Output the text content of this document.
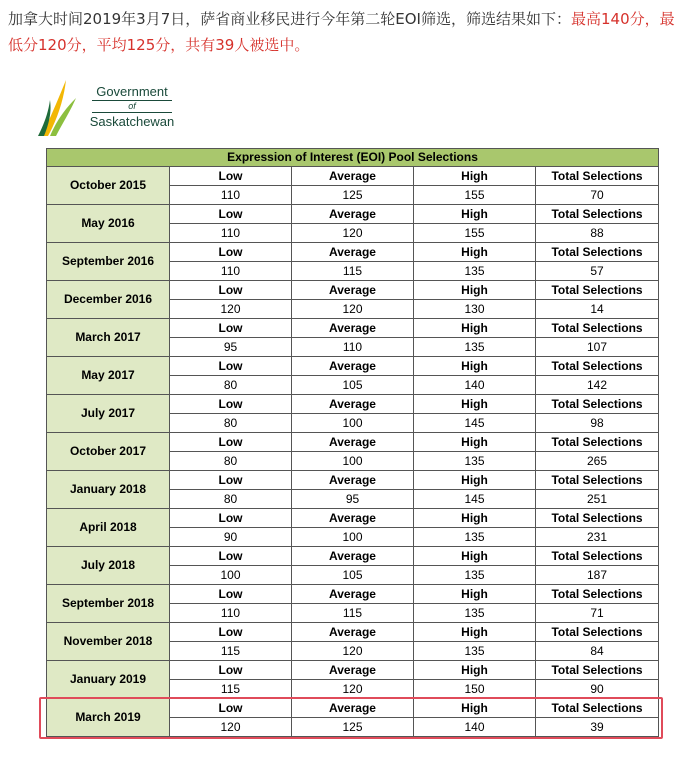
加拿大时间2019年3月7日，萨省商业移民进行今年第二轮EOI筛选，筛选结果如下：最高140分，最低分120分，平均125分，共有39人被选中。
Government
of
Saskatchewan
Expression of Interest (EOI) Pool Selections				
October 2015	Low	Average	High	Total Selections
	110	125	155	70
May 2016	Low	Average	High	Total Selections
	110	120	155	88
September 2016	Low	Average	High	Total Selections
	110	115	135	57
December 2016	Low	Average	High	Total Selections
	120	120	130	14
March 2017	Low	Average	High	Total Selections
	95	110	135	107
May 2017	Low	Average	High	Total Selections
	80	105	140	142
July 2017	Low	Average	High	Total Selections
	80	100	145	98
October 2017	Low	Average	High	Total Selections
	80	100	135	265
January 2018	Low	Average	High	Total Selections
	80	95	145	251
April 2018	Low	Average	High	Total Selections
	90	100	135	231
July 2018	Low	Average	High	Total Selections
	100	105	135	187
September 2018	Low	Average	High	Total Selections
	110	115	135	71
November 2018	Low	Average	High	Total Selections
	115	120	135	84
January 2019	Low	Average	High	Total Selections
	115	120	150	90
March 2019	Low	Average	High	Total Selections
	120	125	140	39
